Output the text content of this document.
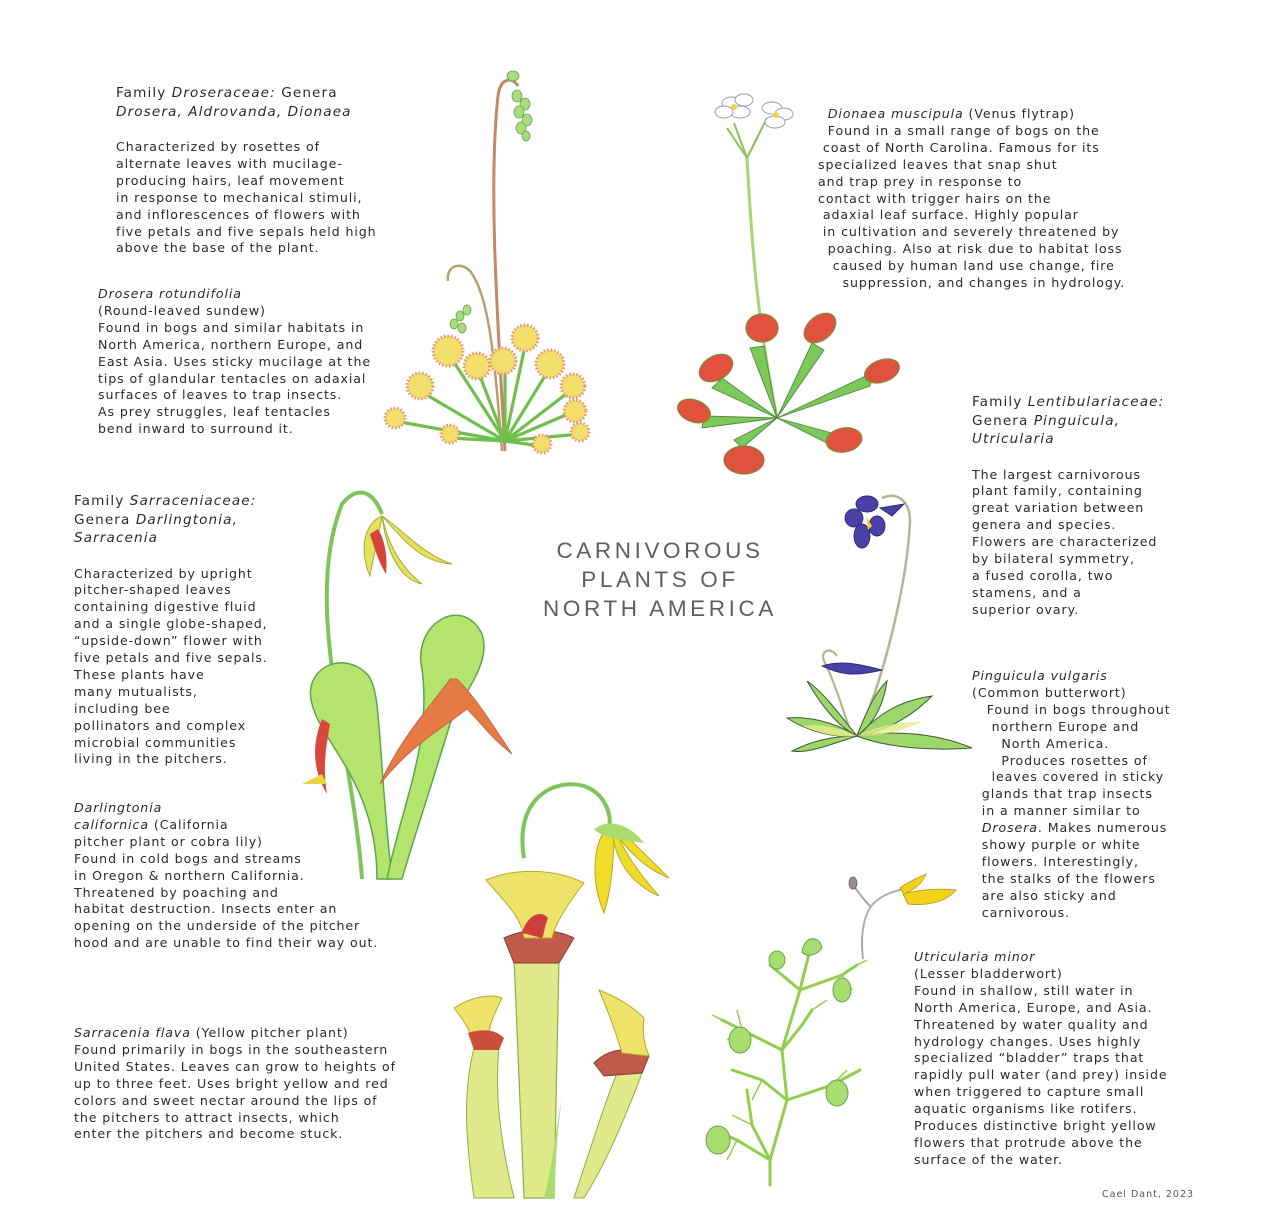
CARNIVOROUS
PLANTS OF
NORTH AMERICA
Family Droseraceae: Genera
Drosera, Aldrovanda, Dionaea
Characterized by rosettes of
alternate leaves with mucilage-
producing hairs, leaf movement
in response to mechanical stimuli,
and inflorescences of flowers with
five petals and five sepals held high
above the base of the plant.
Drosera rotundifolia
(Round-leaved sundew)
Found in bogs and similar habitats in
North America, northern Europe, and
East Asia. Uses sticky mucilage at the
tips of glandular tentacles on adaxial
surfaces of leaves to trap insects.
As prey struggles, leaf tentacles
bend inward to surround it.
Dionaea muscipula (Venus flytrap)
Found in a small range of bogs on the
coast of North Carolina. Famous for its
specialized leaves that snap shut
and trap prey in response to
contact with trigger hairs on the
adaxial leaf surface. Highly popular
in cultivation and severely threatened by
poaching. Also at risk due to habitat loss
caused by human land use change, fire
suppression, and changes in hydrology.
Family Lentibulariaceae:
Genera Pinguicula,
Utricularia
The largest carnivorous
plant family, containing
great variation between
genera and species.
Flowers are characterized
by bilateral symmetry,
a fused corolla, two
stamens, and a
superior ovary.
Pinguicula vulgaris
(Common butterwort)
Found in bogs throughout
northern Europe and
North America.
Produces rosettes of
leaves covered in sticky
glands that trap insects
in a manner similar to
Drosera. Makes numerous
showy purple or white
flowers. Interestingly,
the stalks of the flowers
are also sticky and
carnivorous.
Family Sarraceniaceae:
Genera Darlingtonia,
Sarracenia
Characterized by upright
pitcher-shaped leaves
containing digestive fluid
and a single globe-shaped,
“upside-down” flower with
five petals and five sepals.
These plants have
many mutualists,
including bee
pollinators and complex
microbial communities
living in the pitchers.
Darlingtonia
californica (California
pitcher plant or cobra lily)
Found in cold bogs and streams
in Oregon & northern California.
Threatened by poaching and
habitat destruction. Insects enter an
opening on the underside of the pitcher
hood and are unable to find their way out.
Sarracenia flava (Yellow pitcher plant)
Found primarily in bogs in the southeastern
United States. Leaves can grow to heights of
up to three feet. Uses bright yellow and red
colors and sweet nectar around the lips of
the pitchers to attract insects, which
enter the pitchers and become stuck.
Utricularia minor
(Lesser bladderwort)
Found in shallow, still water in
North America, Europe, and Asia.
Threatened by water quality and
hydrology changes. Uses highly
specialized “bladder” traps that
rapidly pull water (and prey) inside
when triggered to capture small
aquatic organisms like rotifers.
Produces distinctive bright yellow
flowers that protrude above the
surface of the water.
Cael Dant, 2023
